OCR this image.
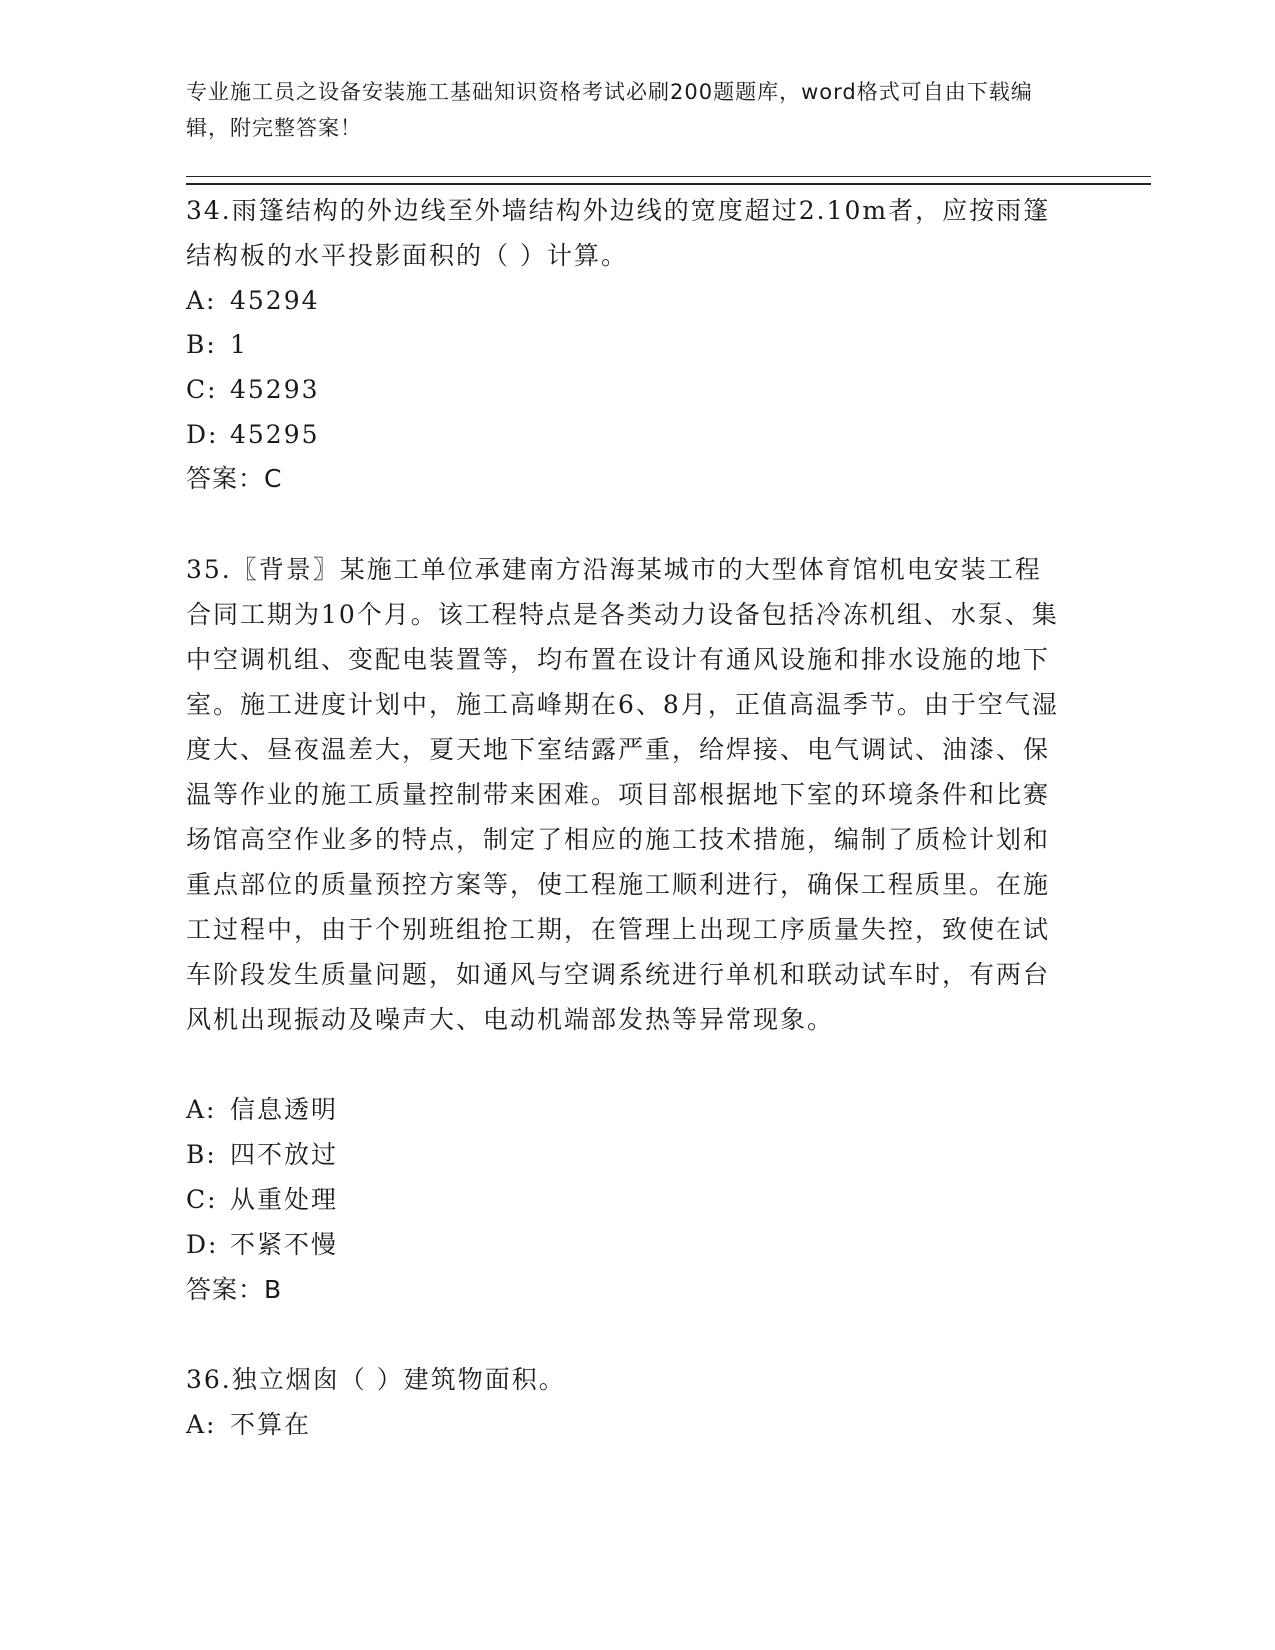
专业施工员之设备安装施工基础知识资格考试必刷200题题库，word格式可自由下载编辑，附完整答案！

34.雨篷结构的外边线至外墙结构外边线的宽度超过2.10m者，应按雨篷结构板的水平投影面积的（ ）计算。

A: 45294

B: 1

C: 45293

D: 45295

答案：C

35.〖背景〗某施工单位承建南方沿海某城市的大型体育馆机电安装工程合同工期为10个月。该工程特点是各类动力设备包括冷冻机组、水泵、集中空调机组、变配电装置等，均布置在设计有通风设施和排水设施的地下室。施工进度计划中，施工高峰期在6、8月，正值高温季节。由于空气湿度大、昼夜温差大，夏天地下室结露严重，给焊接、电气调试、油漆、保温等作业的施工质量控制带来困难。项目部根据地下室的环境条件和比赛场馆高空作业多的特点，制定了相应的施工技术措施，编制了质检计划和重点部位的质量预控方案等，使工程施工顺利进行，确保工程质里。在施工过程中，由于个别班组抢工期，在管理上出现工序质量失控，致使在试车阶段发生质量问题，如通风与空调系统进行单机和联动试车时，有两台风机出现振动及噪声大、电动机端部发热等异常现象。

A: 信息透明

B: 四不放过

C: 从重处理

D: 不紧不慢

答案：B

36.独立烟囱（ ）建筑物面积。

A: 不算在
